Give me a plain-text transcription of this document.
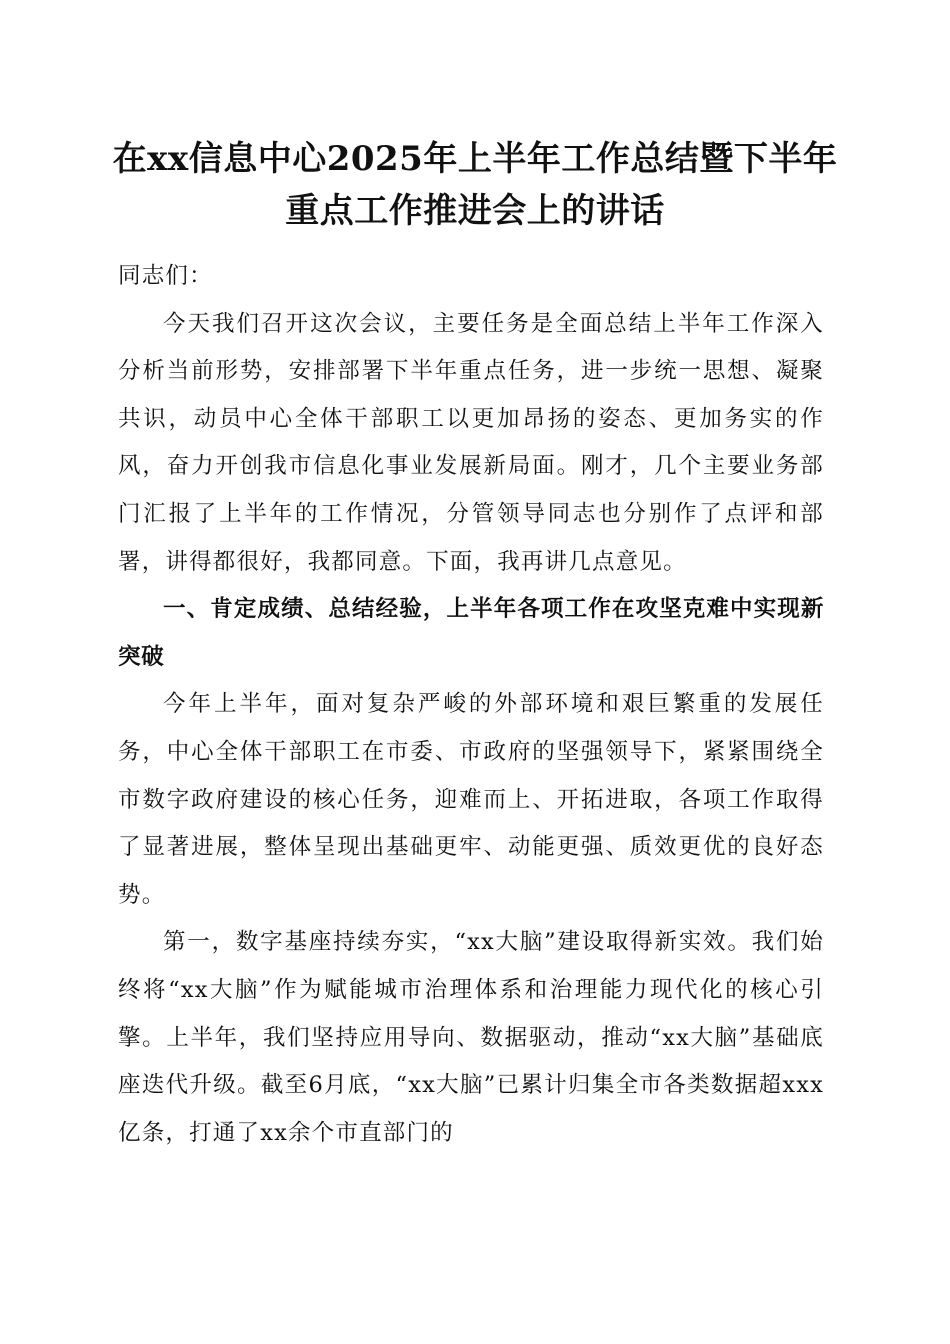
在xx信息中心2025年上半年工作总结暨下半年重点工作推进会上的讲话

同志们：

今天我们召开这次会议，主要任务是全面总结上半年工作深入分析当前形势，安排部署下半年重点任务，进一步统一思想、凝聚共识，动员中心全体干部职工以更加昂扬的姿态、更加务实的作风，奋力开创我市信息化事业发展新局面。刚才，几个主要业务部门汇报了上半年的工作情况，分管领导同志也分别作了点评和部署，讲得都很好，我都同意。下面，我再讲几点意见。

一、肯定成绩、总结经验，上半年各项工作在攻坚克难中实现新突破

今年上半年，面对复杂严峻的外部环境和艰巨繁重的发展任务，中心全体干部职工在市委、市政府的坚强领导下，紧紧围绕全市数字政府建设的核心任务，迎难而上、开拓进取，各项工作取得了显著进展，整体呈现出基础更牢、动能更强、质效更优的良好态势。

第一，数字基座持续夯实，“xx大脑”建设取得新实效。我们始终将“xx大脑”作为赋能城市治理体系和治理能力现代化的核心引擎。上半年，我们坚持应用导向、数据驱动，推动“xx大脑”基础底座迭代升级。截至6月底，“xx大脑”已累计归集全市各类数据超xxx亿条，打通了xx余个市直部门的
